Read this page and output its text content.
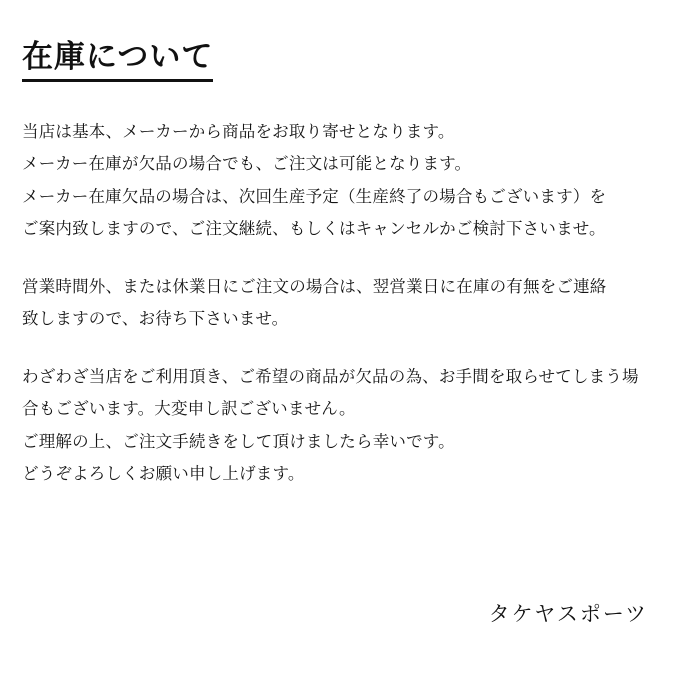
在庫について
当店は基本、メーカーから商品をお取り寄せとなります。
メーカー在庫が欠品の場合でも、ご注文は可能となります。
メーカー在庫欠品の場合は、次回生産予定（生産終了の場合もございます）を
ご案内致しますので、ご注文継続、もしくはキャンセルかご検討下さいませ。
営業時間外、または休業日にご注文の場合は、翌営業日に在庫の有無をご連絡
致しますので、お待ち下さいませ。
わざわざ当店をご利用頂き、ご希望の商品が欠品の為、お手間を取らせてしまう場
合もございます。大変申し訳ございません。
ご理解の上、ご注文手続きをして頂けましたら幸いです。
どうぞよろしくお願い申し上げます。
タケヤスポーツ
